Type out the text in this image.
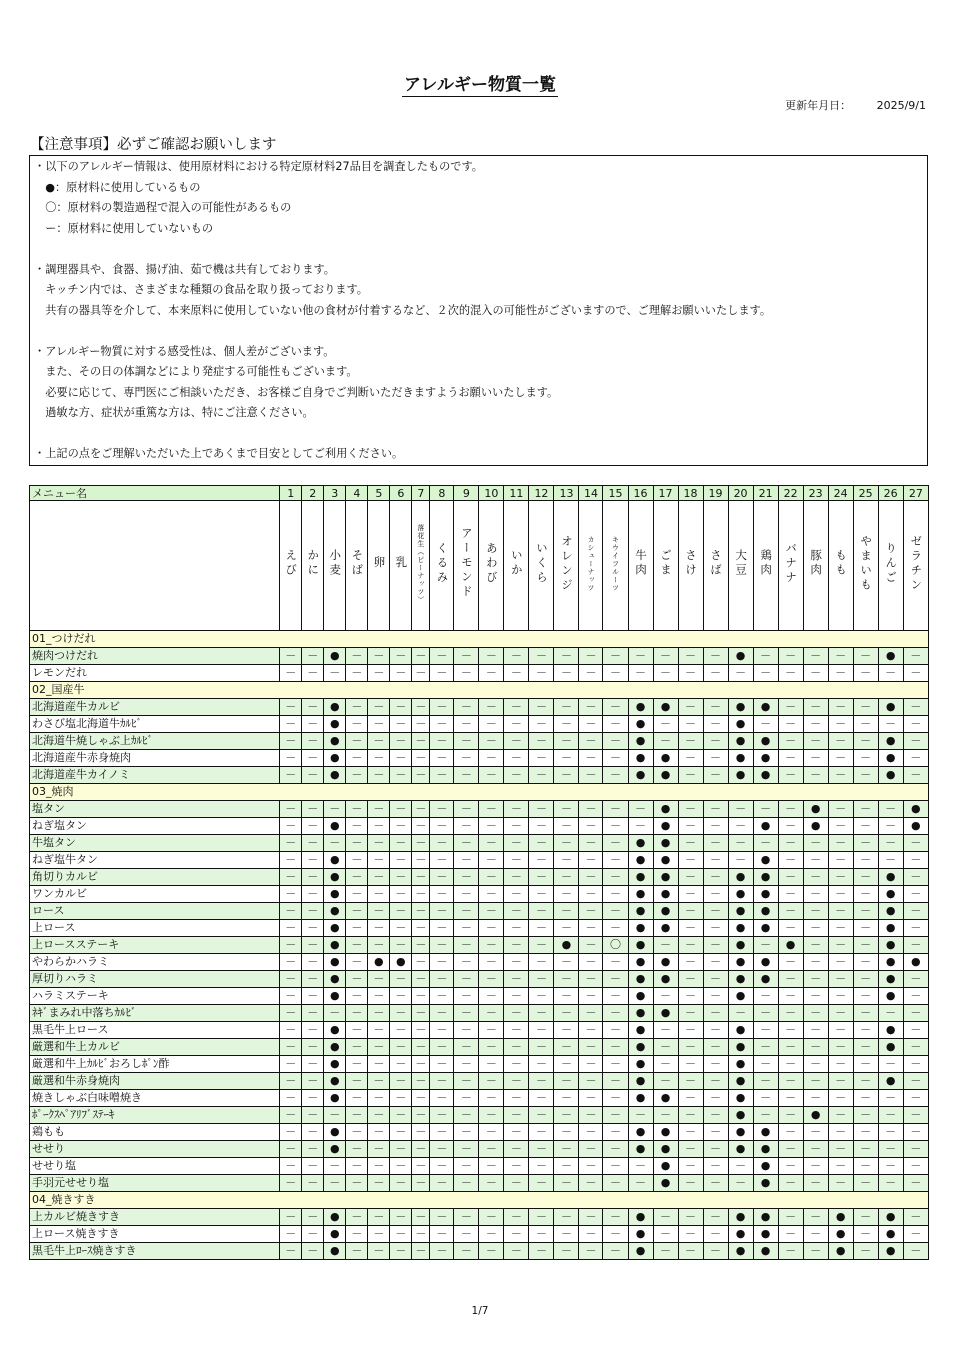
アレルギー物質一覧
更新年月日： 2025/9/1
【注意事項】必ずご確認お願いします
・以下のアレルギー情報は、使用原材料における特定原材料27品目を調査したものです。
　●：原材料に使用しているもの
　〇：原材料の製造過程で混入の可能性があるもの
　ー：原材料に使用していないもの
・調理器具や、食器、揚げ油、茹で機は共有しております。
　キッチン内では、さまざまな種類の食品を取り扱っております。
　共有の器具等を介して、本来原料に使用していない他の食材が付着するなど、２次的混入の可能性がございますので、ご理解お願いいたします。
・アレルギー物質に対する感受性は、個人差がございます。
　また、その日の体調などにより発症する可能性もございます。
　必要に応じて、専門医にご相談いただき、お客様ご自身でご判断いただきますようお願いいたします。
　過敏な方、症状が重篤な方は、特にご注意ください。
・上記の点をご理解いただいた上であくまで目安としてご利用ください。
メニュー名	1	2	3	4	5	6	7	8	9	10	11	12	13	14	15	16	17	18	19	20	21	22	23	24	25	26	27
	えび	かに	小麦	そば	卵	乳	落花生（ピーナッツ）	くるみ	アーモンド	あわび	いか	いくら	オレンジ	カシューナッツ	キウイフルーツ	牛肉	ごま	さけ	さば	大豆	鶏肉	バナナ	豚肉	もも	やまいも	りんご	ゼラチン
01_つけだれ																											
焼肉つけだれ	－	－	●	－	－	－	－	－	－	－	－	－	－	－	－	－	－	－	－	●	－	－	－	－	－	●	－
レモンだれ	－	－	－	－	－	－	－	－	－	－	－	－	－	－	－	－	－	－	－	－	－	－	－	－	－	－	－
02_国産牛																											
北海道産牛カルビ	－	－	●	－	－	－	－	－	－	－	－	－	－	－	－	●	●	－	－	●	●	－	－	－	－	●	－
わさび塩北海道牛ｶﾙﾋﾞ	－	－	●	－	－	－	－	－	－	－	－	－	－	－	－	●	－	－	－	●	－	－	－	－	－	－	－
北海道牛焼しゃぶ上ｶﾙﾋﾞ	－	－	●	－	－	－	－	－	－	－	－	－	－	－	－	●	－	－	－	●	●	－	－	－	－	●	－
北海道産牛赤身焼肉	－	－	●	－	－	－	－	－	－	－	－	－	－	－	－	●	●	－	－	●	●	－	－	－	－	●	－
北海道産牛カイノミ	－	－	●	－	－	－	－	－	－	－	－	－	－	－	－	●	●	－	－	●	●	－	－	－	－	●	－
03_焼肉																											
塩タン	－	－	－	－	－	－	－	－	－	－	－	－	－	－	－	－	●	－	－	－	－	－	●	－	－	－	●
ねぎ塩タン	－	－	●	－	－	－	－	－	－	－	－	－	－	－	－	－	●	－	－	－	●	－	●	－	－	－	●
牛塩タン	－	－	－	－	－	－	－	－	－	－	－	－	－	－	－	●	●	－	－	－	－	－	－	－	－	－	－
ねぎ塩牛タン	－	－	●	－	－	－	－	－	－	－	－	－	－	－	－	●	●	－	－	－	●	－	－	－	－	－	－
角切りカルビ	－	－	●	－	－	－	－	－	－	－	－	－	－	－	－	●	●	－	－	●	●	－	－	－	－	●	－
ワンカルビ	－	－	●	－	－	－	－	－	－	－	－	－	－	－	－	●	●	－	－	●	●	－	－	－	－	●	－
ロース	－	－	●	－	－	－	－	－	－	－	－	－	－	－	－	●	●	－	－	●	●	－	－	－	－	●	－
上ロース	－	－	●	－	－	－	－	－	－	－	－	－	－	－	－	●	●	－	－	●	●	－	－	－	－	●	－
上ロースステーキ	－	－	●	－	－	－	－	－	－	－	－	－	●	－	〇	●	－	－	－	●	－	●	－	－	－	●	－
やわらかハラミ	－	－	●	－	●	●	－	－	－	－	－	－	－	－	－	●	●	－	－	●	●	－	－	－	－	●	●
厚切りハラミ	－	－	●	－	－	－	－	－	－	－	－	－	－	－	－	●	●	－	－	●	●	－	－	－	－	●	－
ハラミステーキ	－	－	●	－	－	－	－	－	－	－	－	－	－	－	－	●	－	－	－	●	－	－	－	－	－	●	－
ﾈｷﾞまみれ中落ちｶﾙﾋﾞ	－	－	－	－	－	－	－	－	－	－	－	－	－	－	－	●	●	－	－	－	－	－	－	－	－	－	－
黒毛牛上ロース	－	－	●	－	－	－	－	－	－	－	－	－	－	－	－	●	－	－	－	●	－	－	－	－	－	●	－
厳選和牛上カルビ	－	－	●	－	－	－	－	－	－	－	－	－	－	－	－	●	－	－	－	●	－	－	－	－	－	●	－
厳選和牛上ｶﾙﾋﾞおろしﾎﾟﾝ酢	－	－	●	－	－	－	－	－	－	－	－	－	－	－	－	●	－	－	－	●	－	－	－	－	－	－	－
厳選和牛赤身焼肉	－	－	●	－	－	－	－	－	－	－	－	－	－	－	－	●	－	－	－	●	－	－	－	－	－	●	－
焼きしゃぶ白味噌焼き	－	－	●	－	－	－	－	－	－	－	－	－	－	－	－	●	●	－	－	●	－	－	－	－	－	－	－
ﾎﾟｰｸｽﾍﾟｱﾘﾌﾞｽﾃｰｷ	－	－	－	－	－	－	－	－	－	－	－	－	－	－	－	－	－	－	－	●	－	－	●	－	－	－	－
鶏もも	－	－	●	－	－	－	－	－	－	－	－	－	－	－	－	●	●	－	－	●	●	－	－	－	－	－	－
せせり	－	－	●	－	－	－	－	－	－	－	－	－	－	－	－	●	●	－	－	●	●	－	－	－	－	－	－
せせり塩	－	－	－	－	－	－	－	－	－	－	－	－	－	－	－	－	●	－	－	－	●	－	－	－	－	－	－
手羽元せせり塩	－	－	－	－	－	－	－	－	－	－	－	－	－	－	－	－	●	－	－	－	●	－	－	－	－	－	－
04_焼きすき																											
上カルビ焼きすき	－	－	●	－	－	－	－	－	－	－	－	－	－	－	－	●	－	－	－	●	●	－	－	●	－	●	－
上ロース焼きすき	－	－	●	－	－	－	－	－	－	－	－	－	－	－	－	●	－	－	－	●	●	－	－	●	－	●	－
黒毛牛上ﾛｰｽ焼きすき	－	－	●	－	－	－	－	－	－	－	－	－	－	－	－	●	－	－	－	●	●	－	－	●	－	●	－
1/7
